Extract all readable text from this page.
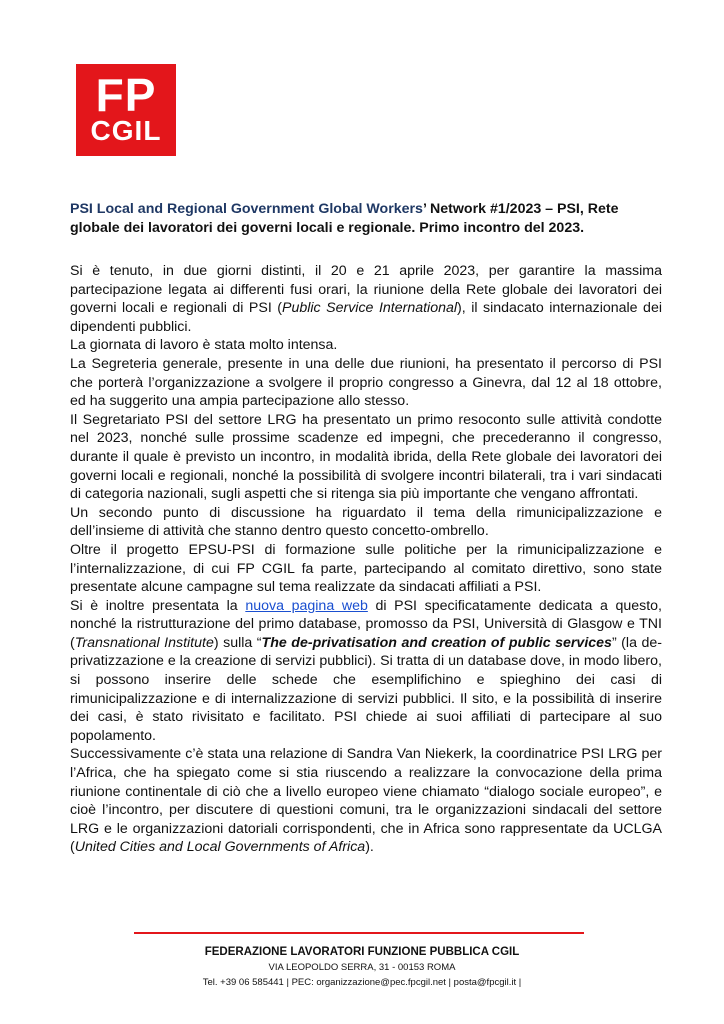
FP
CGIL
PSI Local and Regional Government Global Workers’ Network #1/2023 – PSI, Rete globale dei lavoratori dei governi locali e regionale. Primo incontro del 2023.

Si è tenuto, in due giorni distinti, il 20 e 21 aprile 2023, per garantire la massima partecipazione legata ai differenti fusi orari, la riunione della Rete globale dei lavoratori dei governi locali e regionali di PSI (Public Service International), il sindacato internazionale dei dipendenti pubblici.

La giornata di lavoro è stata molto intensa.

La Segreteria generale, presente in una delle due riunioni, ha presentato il percorso di PSI che porterà l’organizzazione a svolgere il proprio congresso a Ginevra, dal 12 al 18 ottobre, ed ha suggerito una ampia partecipazione allo stesso.

Il Segretariato PSI del settore LRG ha presentato un primo resoconto sulle attività condotte nel 2023, nonché sulle prossime scadenze ed impegni, che precederanno il congresso, durante il quale è previsto un incontro, in modalità ibrida, della Rete globale dei lavoratori dei governi locali e regionali, nonché la possibilità di svolgere incontri bilaterali, tra i vari sindacati di categoria nazionali, sugli aspetti che si ritenga sia più importante che vengano affrontati.

Un secondo punto di discussione ha riguardato il tema della rimunicipalizzazione e dell’insieme di attività che stanno dentro questo concetto-ombrello.

Oltre il progetto EPSU-PSI di formazione sulle politiche per la rimunicipalizzazione e l’internalizzazione, di cui FP CGIL fa parte, partecipando al comitato direttivo, sono state presentate alcune campagne sul tema realizzate da sindacati affiliati a PSI.

Si è inoltre presentata la nuova pagina web di PSI specificatamente dedicata a questo, nonché la ristrutturazione del primo database, promosso da PSI, Università di Glasgow e TNI (Transnational Institute) sulla “The de-privatisation and creation of public services” (la de-privatizzazione e la creazione di servizi pubblici). Si tratta di un database dove, in modo libero, si possono inserire delle schede che esemplifichino e spieghino dei casi di rimunicipalizzazione e di internalizzazione di servizi pubblici. Il sito, e la possibilità di inserire dei casi, è stato rivisitato e facilitato. PSI chiede ai suoi affiliati di partecipare al suo popolamento.

Successivamente c’è stata una relazione di Sandra Van Niekerk, la coordinatrice PSI LRG per l’Africa, che ha spiegato come si stia riuscendo a realizzare la convocazione della prima riunione continentale di ciò che a livello europeo viene chiamato “dialogo sociale europeo”, e cioè l’incontro, per discutere di questioni comuni, tra le organizzazioni sindacali del settore LRG e le organizzazioni datoriali corrispondenti, che in Africa sono rappresentate da UCLGA (United Cities and Local Governments of Africa).

FEDERAZIONE LAVORATORI FUNZIONE PUBBLICA CGIL
VIA LEOPOLDO SERRA, 31 - 00153 ROMA
Tel. +39 06 585441 | PEC: organizzazione@pec.fpcgil.net | posta@fpcgil.it |
